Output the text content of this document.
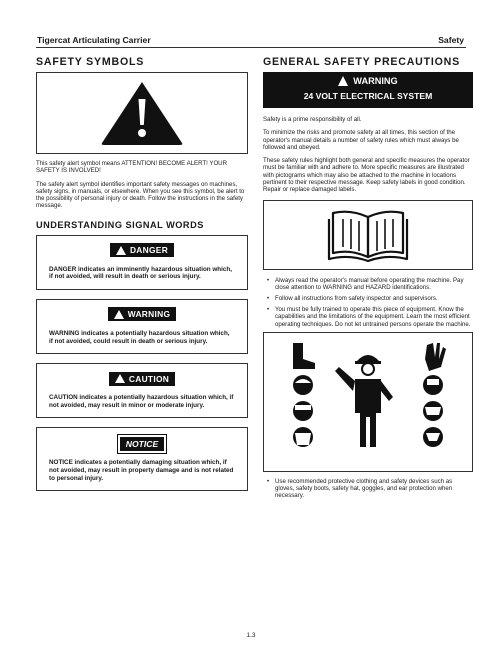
Tigercat Articulating Carrier	Safety
SAFETY SYMBOLS

This safety alert symbol means ATTENTION! BECOME ALERT! YOUR SAFETY IS INVOLVED!

The safety alert symbol identifies important safety messages on machines, safety signs, in manuals, or elsewhere. When you see this symbol, be alert to the possibility of personal injury or death. Follow the instructions in the safety message.

UNDERSTANDING SIGNAL WORDS
DANGER

DANGER indicates an imminently hazardous situation which, if not avoided, will result in death or serious injury.

WARNING

WARNING indicates a potentially hazardous situation which, if not avoided, could result in death or serious injury.

CAUTION

CAUTION indicates a potentially hazardous situation which, if not avoided, may result in minor or moderate injury.

NOTICE

NOTICE indicates a potentially damaging situation which, if not avoided, may result in property damage and is not related to personal injury.

GENERAL SAFETY PRECAUTIONS
WARNING
24 VOLT ELECTRICAL SYSTEM

Safety is a prime responsibility of all.

To minimize the risks and promote safety at all times, this section of the operator's manual details a number of safety rules which must always be followed and obeyed.

These safety rules highlight both general and specific measures the operator must be familiar with and adhere to. More specific measures are illustrated with pictograms which may also be attached to the machine in locations pertinent to their respective message. Keep safety labels in good condition. Repair or replace damaged labels.

• Always read the operator's manual before operating the machine. Pay close attention to WARNING and HAZARD identifications.
• Follow all instructions from safety inspector and supervisors.
• You must be fully trained to operate this piece of equipment. Know the capabilities and the limitations of the equipment. Learn the most efficient operating techniques. Do not let untrained persons operate the machine.
• Use recommended protective clothing and safety devices such as gloves, safety boots, safety hat, goggles, and ear protection when necessary.
1.3
